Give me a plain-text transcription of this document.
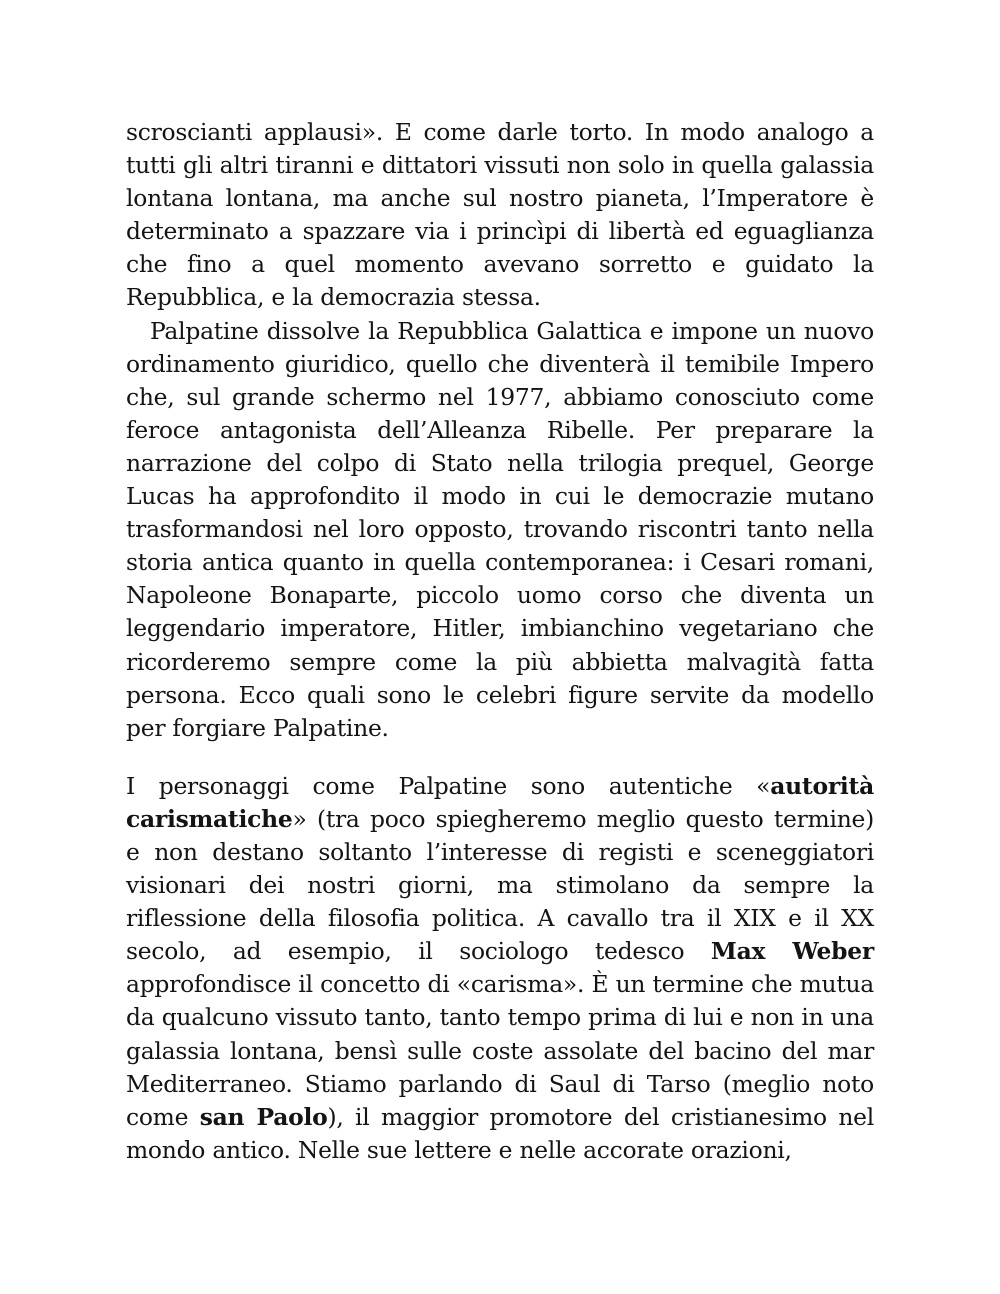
scroscianti applausi». E come darle torto. In modo analogo a tutti gli altri tiranni e dittatori vissuti non solo in quella galassia lontana lontana, ma anche sul nostro pianeta, l’Imperatore è determinato a spazzare via i princìpi di libertà ed eguaglianza che fino a quel momento avevano sorretto e guidato la Repubblica, e la democrazia stessa.

Palpatine dissolve la Repubblica Galattica e impone un nuovo ordinamento giuridico, quello che diventerà il temibile Impero che, sul grande schermo nel 1977, abbiamo conosciuto come feroce antagonista dell’Alleanza Ribelle. Per preparare la narrazione del colpo di Stato nella trilogia prequel, George Lucas ha approfondito il modo in cui le democrazie mutano trasformandosi nel loro opposto, trovando riscontri tanto nella storia antica quanto in quella contemporanea: i Cesari romani, Napoleone Bonaparte, piccolo uomo corso che diventa un leggendario imperatore, Hitler, imbianchino vegetariano che ricorderemo sempre come la più abbietta malvagità fatta persona. Ecco quali sono le celebri figure servite da modello per forgiare Palpatine.

I personaggi come Palpatine sono autentiche «autorità carismatiche» (tra poco spiegheremo meglio questo termine) e non destano soltanto l’interesse di registi e sceneggiatori visionari dei nostri giorni, ma stimolano da sempre la riflessione della filosofia politica. A cavallo tra il XIX e il XX secolo, ad esempio, il sociologo tedesco Max Weber approfondisce il concetto di «carisma». È un termine che mutua da qualcuno vissuto tanto, tanto tempo prima di lui e non in una galassia lontana, bensì sulle coste assolate del bacino del mar Mediterraneo. Stiamo parlando di Saul di Tarso (meglio noto come san Paolo), il maggior promotore del cristianesimo nel mondo antico. Nelle sue lettere e nelle accorate orazioni,
